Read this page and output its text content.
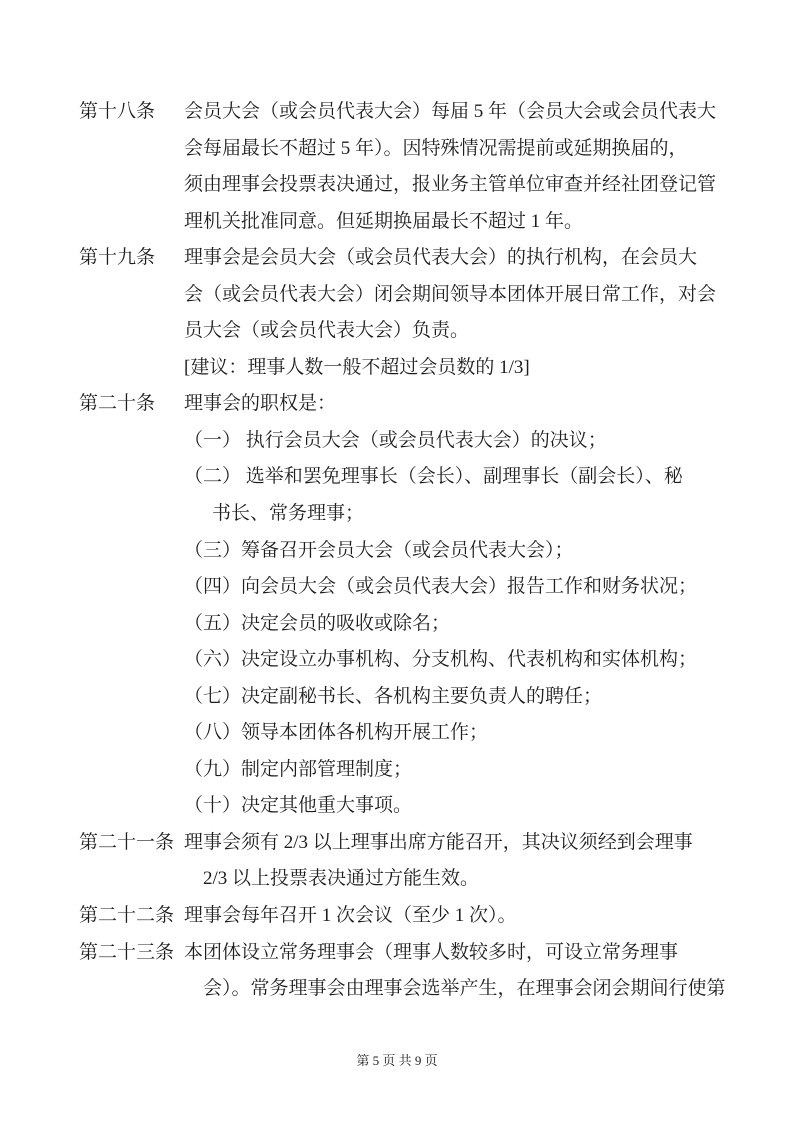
第十八条	会员大会（或会员代表大会）每届 5 年（会员大会或会员代表大
会每届最长不超过 5 年）。因特殊情况需提前或延期换届的，
须由理事会投票表决通过，报业务主管单位审查并经社团登记管
理机关批准同意。但延期换届最长不超过 1 年。
第十九条	理事会是会员大会（或会员代表大会）的执行机构，在会员大
会（或会员代表大会）闭会期间领导本团体开展日常工作，对会
员大会（或会员代表大会）负责。
[建议：理事人数一般不超过会员数的 1/3]
第二十条	理事会的职权是：
（一） 执行会员大会（或会员代表大会）的决议；
（二） 选举和罢免理事长（会长）、副理事长（副会长）、秘
书长、常务理事；
（三）筹备召开会员大会（或会员代表大会）；
（四）向会员大会（或会员代表大会）报告工作和财务状况；
（五）决定会员的吸收或除名；
（六）决定设立办事机构、分支机构、代表机构和实体机构；
（七）决定副秘书长、各机构主要负责人的聘任；
（八）领导本团体各机构开展工作；
（九）制定内部管理制度；
（十）决定其他重大事项。
第二十一条 理事会须有 2/3 以上理事出席方能召开，其决议须经到会理事
2/3 以上投票表决通过方能生效。
第二十二条 理事会每年召开 1 次会议（至少 1 次）。
第二十三条 本团体设立常务理事会（理事人数较多时，可设立常务理事
会）。常务理事会由理事会选举产生，在理事会闭会期间行使第
第 5 页 共 9 页
